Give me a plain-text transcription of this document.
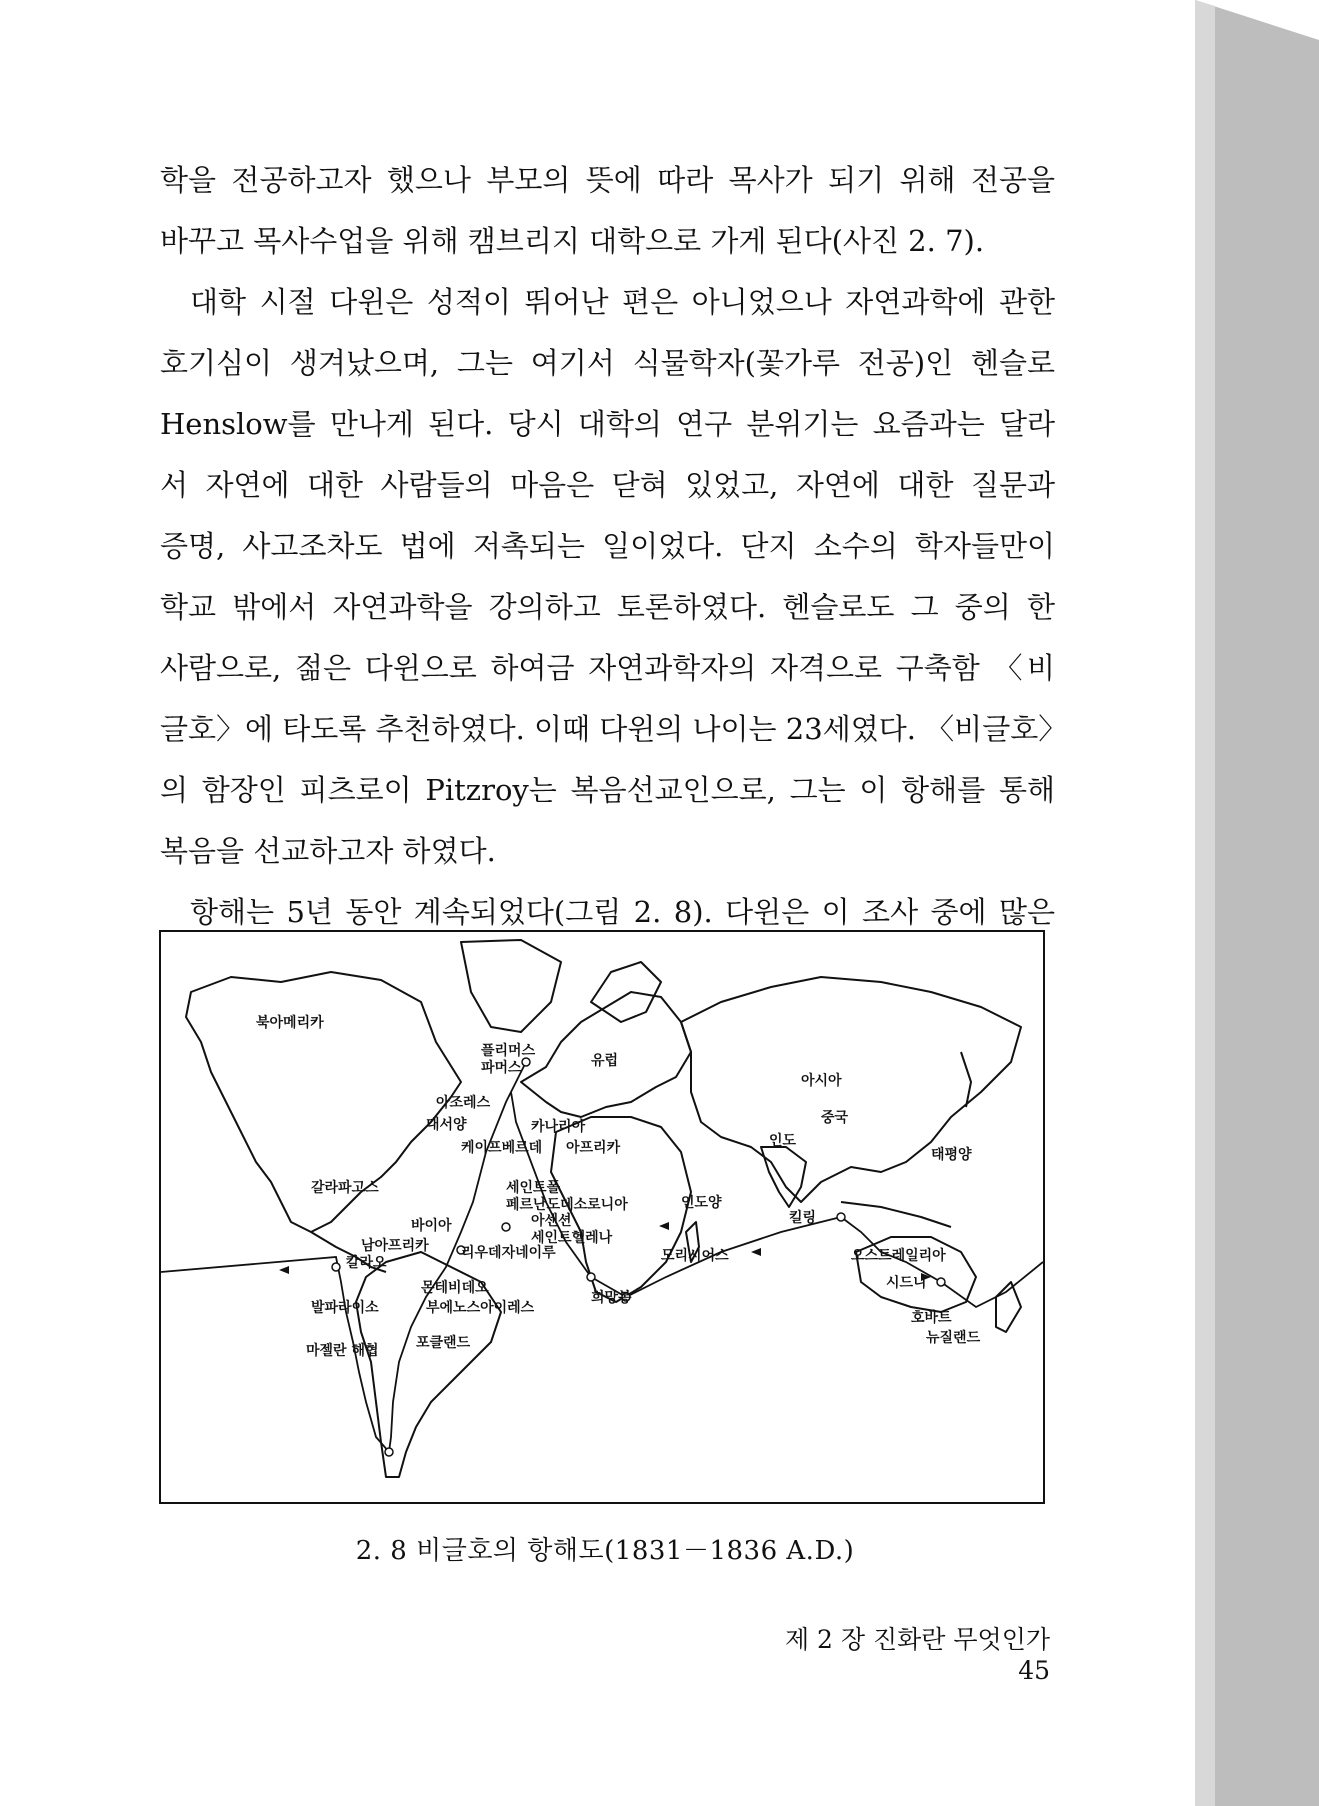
학을 전공하고자 했으나 부모의 뜻에 따라 목사가 되기 위해 전공을
바꾸고 목사수업을 위해 캠브리지 대학으로 가게 된다(사진 2. 7).
대학 시절 다윈은 성적이 뛰어난 편은 아니었으나 자연과학에 관한
호기심이 생겨났으며, 그는 여기서 식물학자(꽃가루 전공)인 헨슬로
Henslow를 만나게 된다. 당시 대학의 연구 분위기는 요즘과는 달라
서 자연에 대한 사람들의 마음은 닫혀 있었고, 자연에 대한 질문과
증명, 사고조차도 법에 저촉되는 일이었다. 단지 소수의 학자들만이
학교 밖에서 자연과학을 강의하고 토론하였다. 헨슬로도 그 중의 한
사람으로, 젊은 다윈으로 하여금 자연과학자의 자격으로 구축함 〈비
글호〉에 타도록 추천하였다. 이때 다윈의 나이는 23세였다. 〈비글호〉
의 함장인 피츠로이 Pitzroy는 복음선교인으로, 그는 이 항해를 통해
복음을 선교하고자 하였다.
항해는 5년 동안 계속되었다(그림 2. 8). 다윈은 이 조사 중에 많은
북아메리카
플리머스
파머스	유럽
아시아
아조레스
대서양	카나리아
케이프베르데 아프리카
중국
인도
태평양
갈라파고스	세인트폴
페르난도데소로니아
아센션
세인트헬레나
인도양
킬링
바이아
남아프리카
칼라오
리우데자네이루	모리시어스	오스트레일리아
시드니
몬테비데오
발파라이소	부에노스아이레스
희망봉
호바트
뉴질랜드
포클랜드
마젤란 해협
2. 8 비글호의 항해도(1831－1836 A.D.)
제 2 장 진화란 무엇인가45
